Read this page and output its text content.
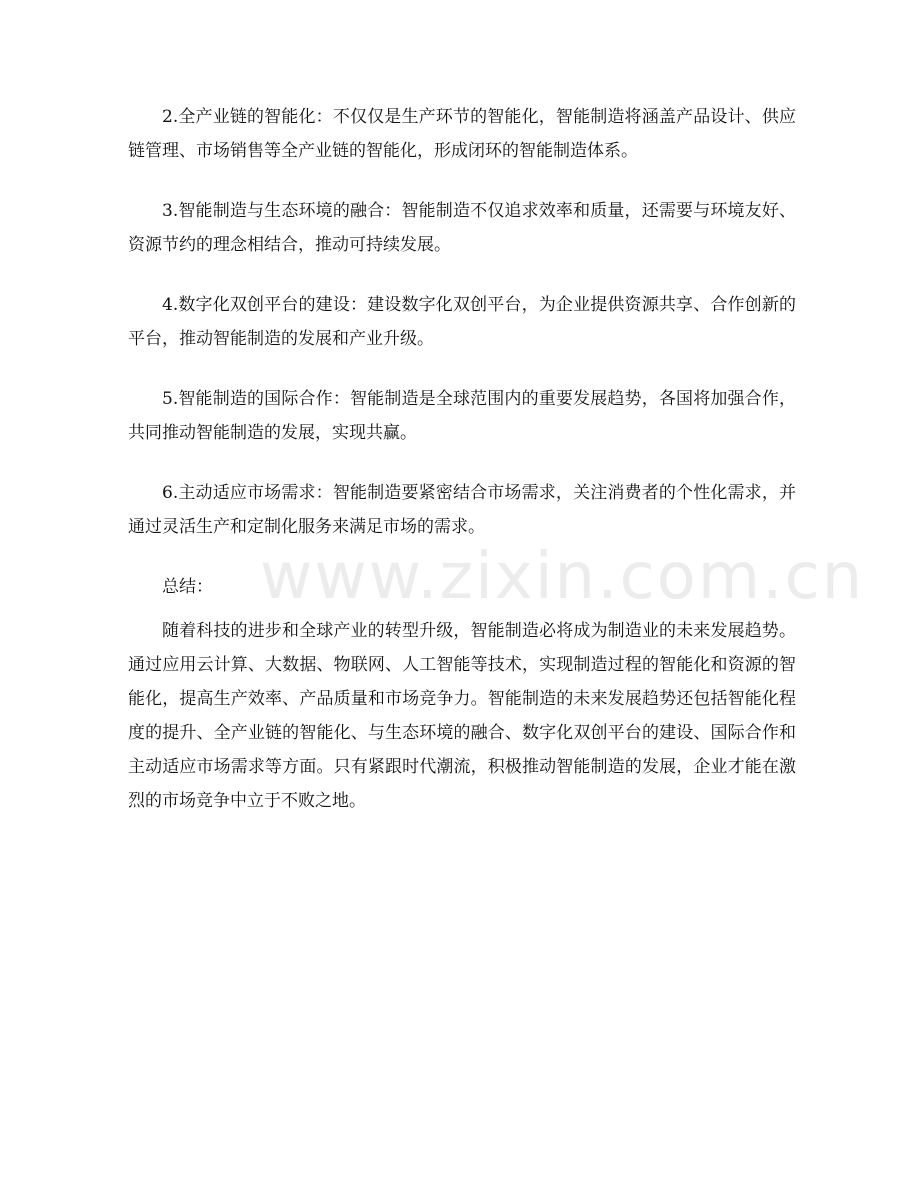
www.zixin.com.cn

2.全产业链的智能化：不仅仅是生产环节的智能化，智能制造将涵盖产品设计、供应链管理、市场销售等全产业链的智能化，形成闭环的智能制造体系。

3.智能制造与生态环境的融合：智能制造不仅追求效率和质量，还需要与环境友好、资源节约的理念相结合，推动可持续发展。

4.数字化双创平台的建设：建设数字化双创平台，为企业提供资源共享、合作创新的平台，推动智能制造的发展和产业升级。

5.智能制造的国际合作：智能制造是全球范围内的重要发展趋势，各国将加强合作，共同推动智能制造的发展，实现共赢。

6.主动适应市场需求：智能制造要紧密结合市场需求，关注消费者的个性化需求，并通过灵活生产和定制化服务来满足市场的需求。

总结：

随着科技的进步和全球产业的转型升级，智能制造必将成为制造业的未来发展趋势。通过应用云计算、大数据、物联网、人工智能等技术，实现制造过程的智能化和资源的智能化，提高生产效率、产品质量和市场竞争力。智能制造的未来发展趋势还包括智能化程度的提升、全产业链的智能化、与生态环境的融合、数字化双创平台的建设、国际合作和主动适应市场需求等方面。只有紧跟时代潮流，积极推动智能制造的发展，企业才能在激烈的市场竞争中立于不败之地。
